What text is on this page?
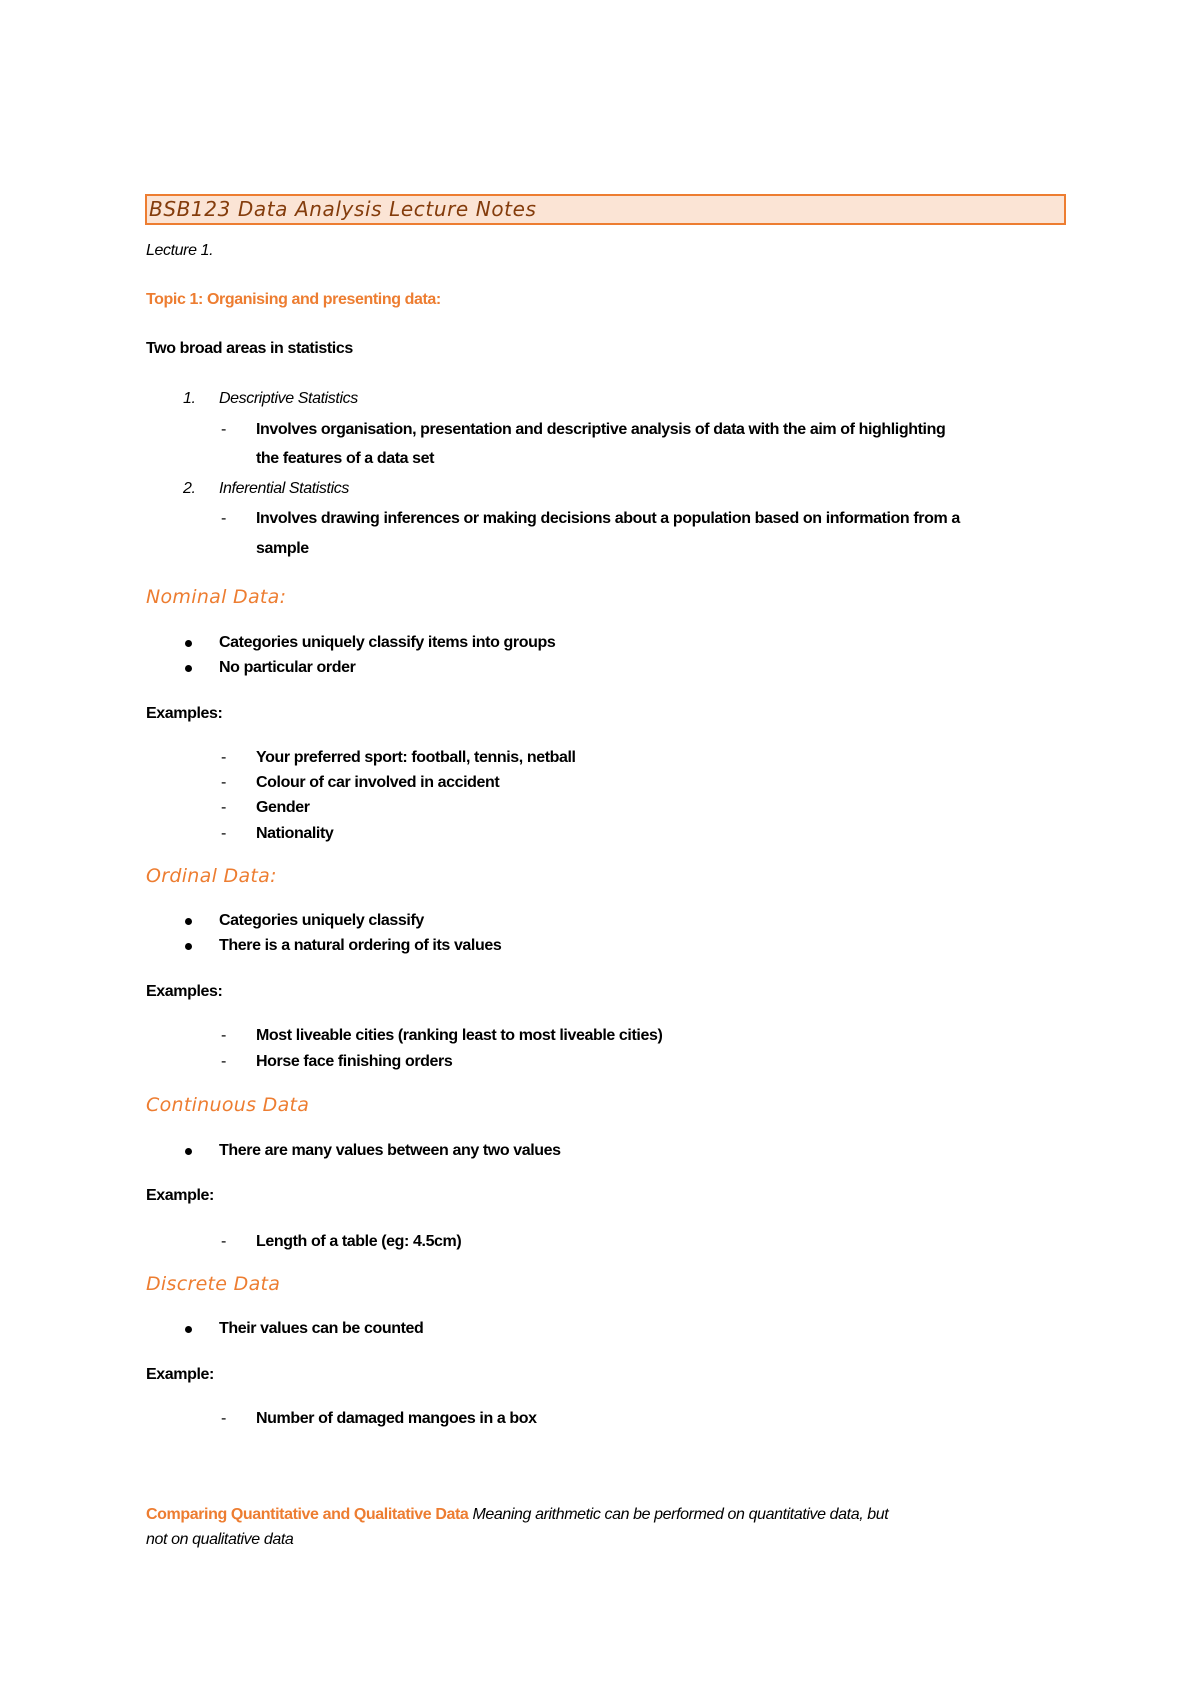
BSB123 Data Analysis Lecture Notes
Lecture 1.
Topic 1: Organising and presenting data:
Two broad areas in statistics
1. Descriptive Statistics
- Involves organisation, presentation and descriptive analysis of data with the aim of highlighting
the features of a data set
2. Inferential Statistics
- Involves drawing inferences or making decisions about a population based on information from a
sample
Nominal Data:
Categories uniquely classify items into groups
No particular order
Examples:
- Your preferred sport: football, tennis, netball
- Colour of car involved in accident
- Gender
- Nationality
Ordinal Data:
Categories uniquely classify
There is a natural ordering of its values
Examples:
- Most liveable cities (ranking least to most liveable cities)
- Horse face finishing orders
Continuous Data
There are many values between any two values
Example:
- Length of a table (eg: 4.5cm)
Discrete Data
Their values can be counted
Example:
- Number of damaged mangoes in a box
Comparing Quantitative and Qualitative Data Meaning arithmetic can be performed on quantitative data, but
not on qualitative data
